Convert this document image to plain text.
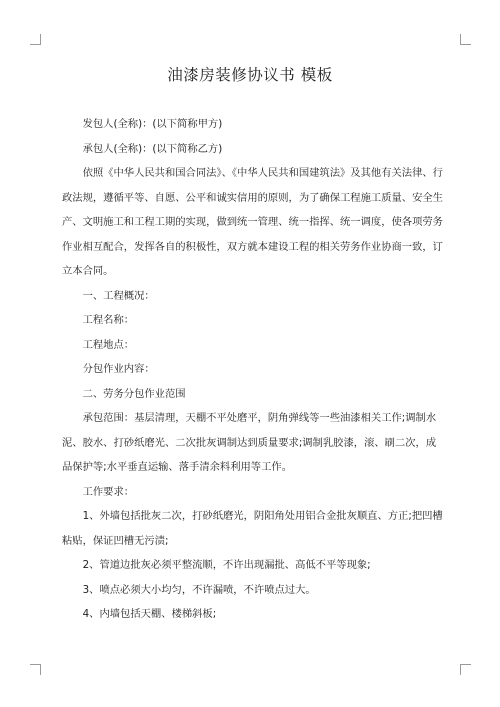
油漆房装修协议书 模板

发包人(全称)：(以下简称甲方)

承包人(全称)：(以下简称乙方)

依照《中华人民共和国合同法》、《中华人民共和国建筑法》及其他有关法律、行政法规，遵循平等、自愿、公平和诚实信用的原则，为了确保工程施工质量、安全生产、文明施工和工程工期的实现，做到统一管理、统一指挥、统一调度，使各项劳务作业相互配合，发挥各自的积极性，双方就本建设工程的相关劳务作业协商一致，订立本合同。

一、工程概况：

工程名称：

工程地点：

分包作业内容：

二、劳务分包作业范围

承包范围：基层清理，天棚不平处磨平，阴角弹线等一些油漆相关工作;调制水泥、胶水、打砂纸磨光、二次批灰调制达到质量要求;调制乳胶漆，滚、刷二次，成品保护等;水平垂直运输、落手清余料利用等工作。

工作要求：

1、外墙包括批灰二次，打砂纸磨光，阴阳角处用铝合金批灰顺直、方正;把凹槽粘贴，保证凹槽无污渍;

2、管道边批灰必须平整流顺，不许出现漏批、高低不平等现象;

3、喷点必须大小均匀，不许漏喷，不许喷点过大。

4、内墙包括天棚、楼梯斜板;
